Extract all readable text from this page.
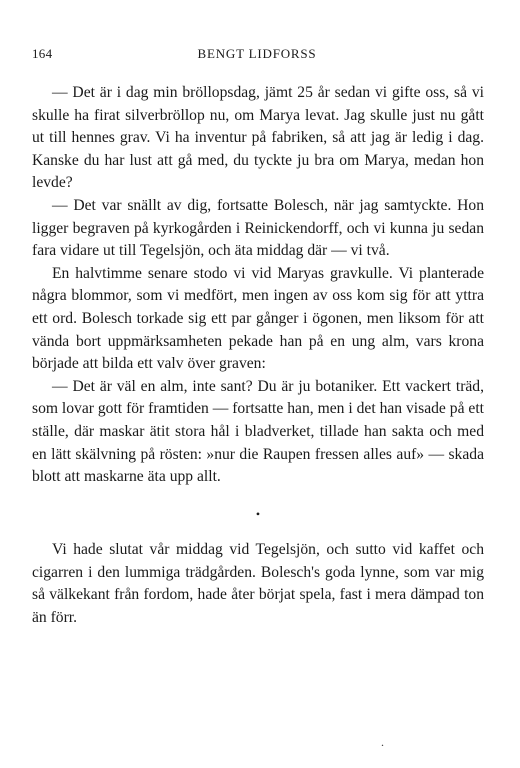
164	BENGT LIDFORSS

— Det är i dag min bröllopsdag, jämt 25 år sedan vi gifte oss, så vi skulle ha firat silverbröllop nu, om Marya levat. Jag skulle just nu gått ut till hennes grav. Vi ha inventur på fabriken, så att jag är ledig i dag. Kanske du har lust att gå med, du tyckte ju bra om Marya, medan hon levde?

— Det var snällt av dig, fortsatte Bolesch, när jag samtyckte. Hon ligger begraven på kyrkogården i Reinickendorff, och vi kunna ju sedan fara vidare ut till Tegelsjön, och äta middag där — vi två.

En halvtimme senare stodo vi vid Maryas gravkulle. Vi planterade några blommor, som vi medfört, men ingen av oss kom sig för att yttra ett ord. Bolesch torkade sig ett par gånger i ögonen, men liksom för att vända bort uppmärksamheten pekade han på en ung alm, vars krona började att bilda ett valv över graven:

— Det är väl en alm, inte sant? Du är ju botaniker. Ett vackert träd, som lovar gott för framtiden — fortsatte han, men i det han visade på ett ställe, där maskar ätit stora hål i bladverket, tillade han sakta och med en lätt skälvning på rösten: »nur die Raupen fressen alles auf» — skada blott att maskarne äta upp allt.

•

Vi hade slutat vår middag vid Tegelsjön, och sutto vid kaffet och cigarren i den lummiga trädgården. Bolesch's goda lynne, som var mig så välkekant från fordom, hade åter börjat spela, fast i mera dämpad ton än förr.

.
